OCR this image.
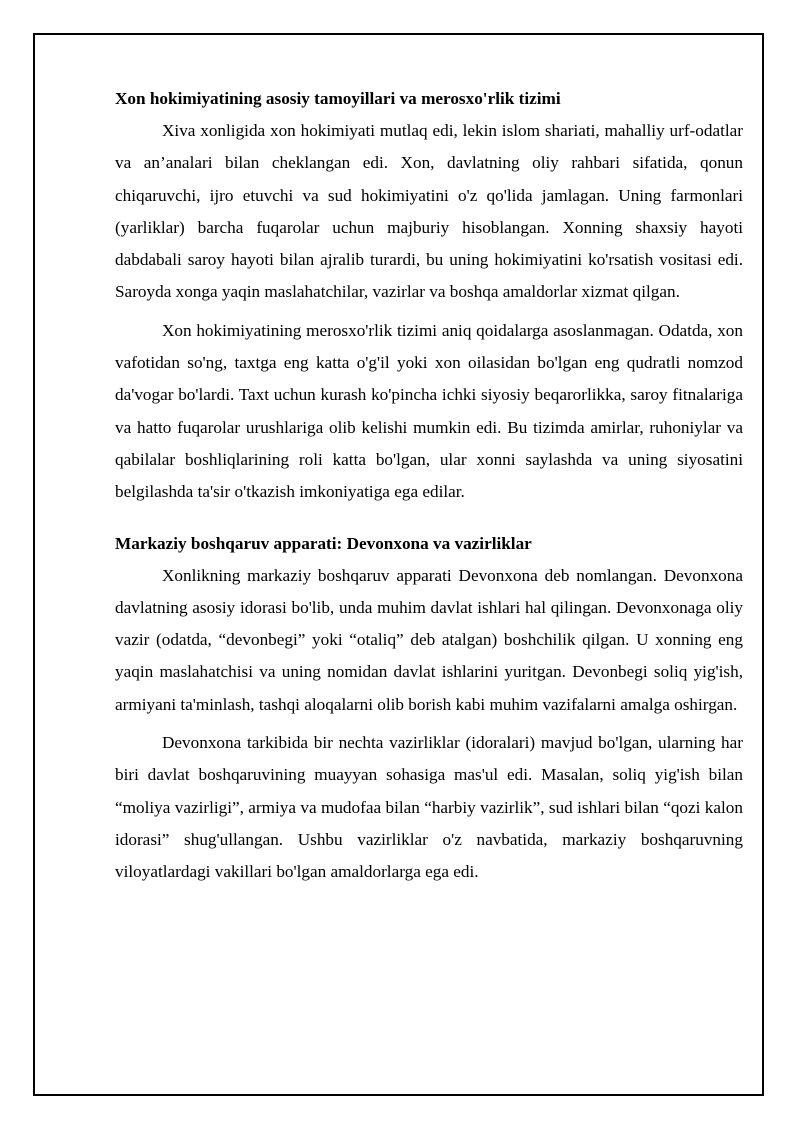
Xon hokimiyatining asosiy tamoyillari va merosxo'rlik tizimi

Xiva xonligida xon hokimiyati mutlaq edi, lekin islom shariati, mahalliy urf-odatlar va an’analari bilan cheklangan edi. Xon, davlatning oliy rahbari sifatida, qonun chiqaruvchi, ijro etuvchi va sud hokimiyatini o'z qo'lida jamlagan. Uning farmonlari (yarliklar) barcha fuqarolar uchun majburiy hisoblangan. Xonning shaxsiy hayoti dabdabali saroy hayoti bilan ajralib turardi, bu uning hokimiyatini ko'rsatish vositasi edi. Saroyda xonga yaqin maslahatchilar, vazirlar va boshqa amaldorlar xizmat qilgan.

Xon hokimiyatining merosxo'rlik tizimi aniq qoidalarga asoslanmagan. Odatda, xon vafotidan so'ng, taxtga eng katta o'g'il yoki xon oilasidan bo'lgan eng qudratli nomzod da'vogar bo'lardi. Taxt uchun kurash ko'pincha ichki siyosiy beqarorlikka, saroy fitnalariga va hatto fuqarolar urushlariga olib kelishi mumkin edi. Bu tizimda amirlar, ruhoniylar va qabilalar boshliqlarining roli katta bo'lgan, ular xonni saylashda va uning siyosatini belgilashda ta'sir o'tkazish imkoniyatiga ega edilar.

Markaziy boshqaruv apparati: Devonxona va vazirliklar

Xonlikning markaziy boshqaruv apparati Devonxona deb nomlangan. Devonxona davlatning asosiy idorasi bo'lib, unda muhim davlat ishlari hal qilingan. Devonxonaga oliy vazir (odatda, “devonbegi” yoki “otaliq” deb atalgan) boshchilik qilgan. U xonning eng yaqin maslahatchisi va uning nomidan davlat ishlarini yuritgan. Devonbegi soliq yig'ish, armiyani ta'minlash, tashqi aloqalarni olib borish kabi muhim vazifalarni amalga oshirgan.

Devonxona tarkibida bir nechta vazirliklar (idoralari) mavjud bo'lgan, ularning har biri davlat boshqaruvining muayyan sohasiga mas'ul edi. Masalan, soliq yig'ish bilan “moliya vazirligi”, armiya va mudofaa bilan “harbiy vazirlik”, sud ishlari bilan “qozi kalon idorasi” shug'ullangan. Ushbu vazirliklar o'z navbatida, markaziy boshqaruvning viloyatlardagi vakillari bo'lgan amaldorlarga ega edi.
